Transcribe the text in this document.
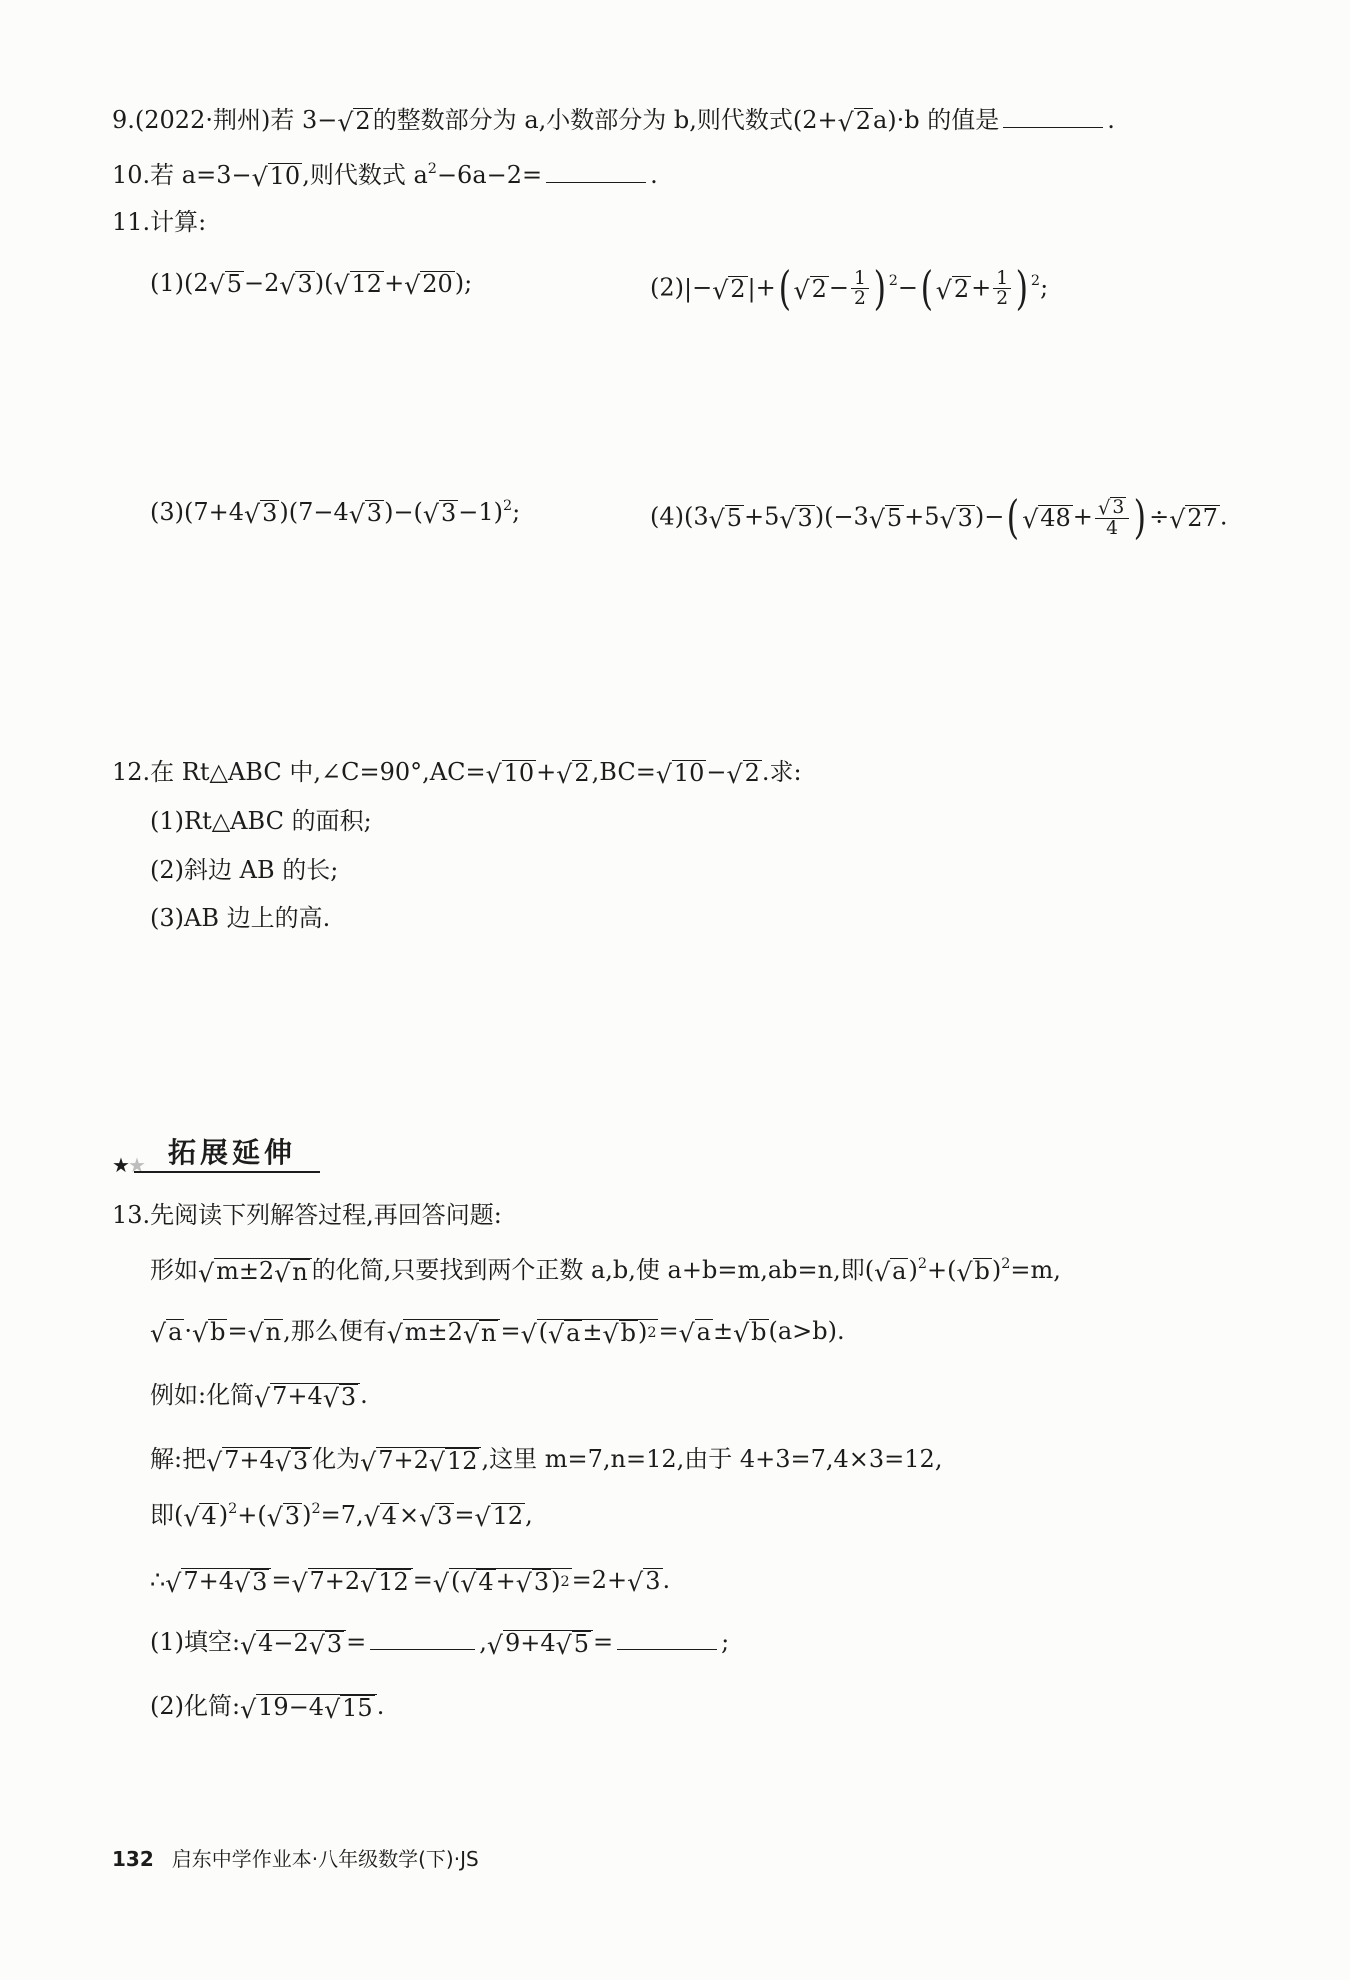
9.(2022·荆州)若 3− √ 2 的整数部分为 a,小数部分为 b,则代数式(2+ √ 2 a)·b 的值是	.
10.若 a=3− √ 10 ,则代数式 $a^2-6a-2=$	.
11.计算:
(1)(2 √ 5 −2 √ 3 )( √ 12 + √ 20 );	(2)|− √ 2 |+( √ $2 - \frac{1}{2}$ ) $^2$−( √ $2 + \frac{1}{2}$ ) $^2$;
(3)(7+4 √ 3 )(7−4 √ 3 )−( √ 3 −1)$^2$;	(4)(3 √ 5 +5 √ 3 )(−3 √ 5 +5 √ 3 )−( √ $48 + \frac{√ 3}{4}$ ) ÷ √ 27 .
12.在 Rt△ABC 中,∠C=90°,AC= √ 10 + √ 2 ,BC= √ 10 − √ 2 .求:
(1)Rt△ABC 的面积;
(2)斜边 AB 的长;
(3)AB 边上的高.
★★ 拓展延伸
13.先阅读下列解答过程,再回答问题:
形如 √ m±2 √ n 的化简,只要找到两个正数 a,b,使 a+b=m,ab=n,即( √ a )$^2$+( √ b )$^2$=m,
√ a · √ b = √ n ,那么便有 √ m±2 √ n = √ ( √ a ± √ b ) 2 = √ a ± √ b (a>b).
例如:化简 √ 7+4 √ 3 .
解:把 √ 7+4 √ 3 化为 √ 7+2 √ 12 ,这里 m=7,n=12,由于 4+3=7,4×3=12,
即( √ 4 )$^2$+( √ 3 )$^2$=7, √ 4 × √ 3 = √ 12 ,
∴ √ 7+4 √ 3 = √ 7+2 √ 12 = √ ( √ 4 + √ 3 ) 2 =2+ √ 3 .
(1)填空: √ 4−2 √ 3 =	, √ 9+4 √ 5 =	;
(2)化简: √ 19−4 √ 15 .
132 启东中学作业本·八年级数学(下)·JS
